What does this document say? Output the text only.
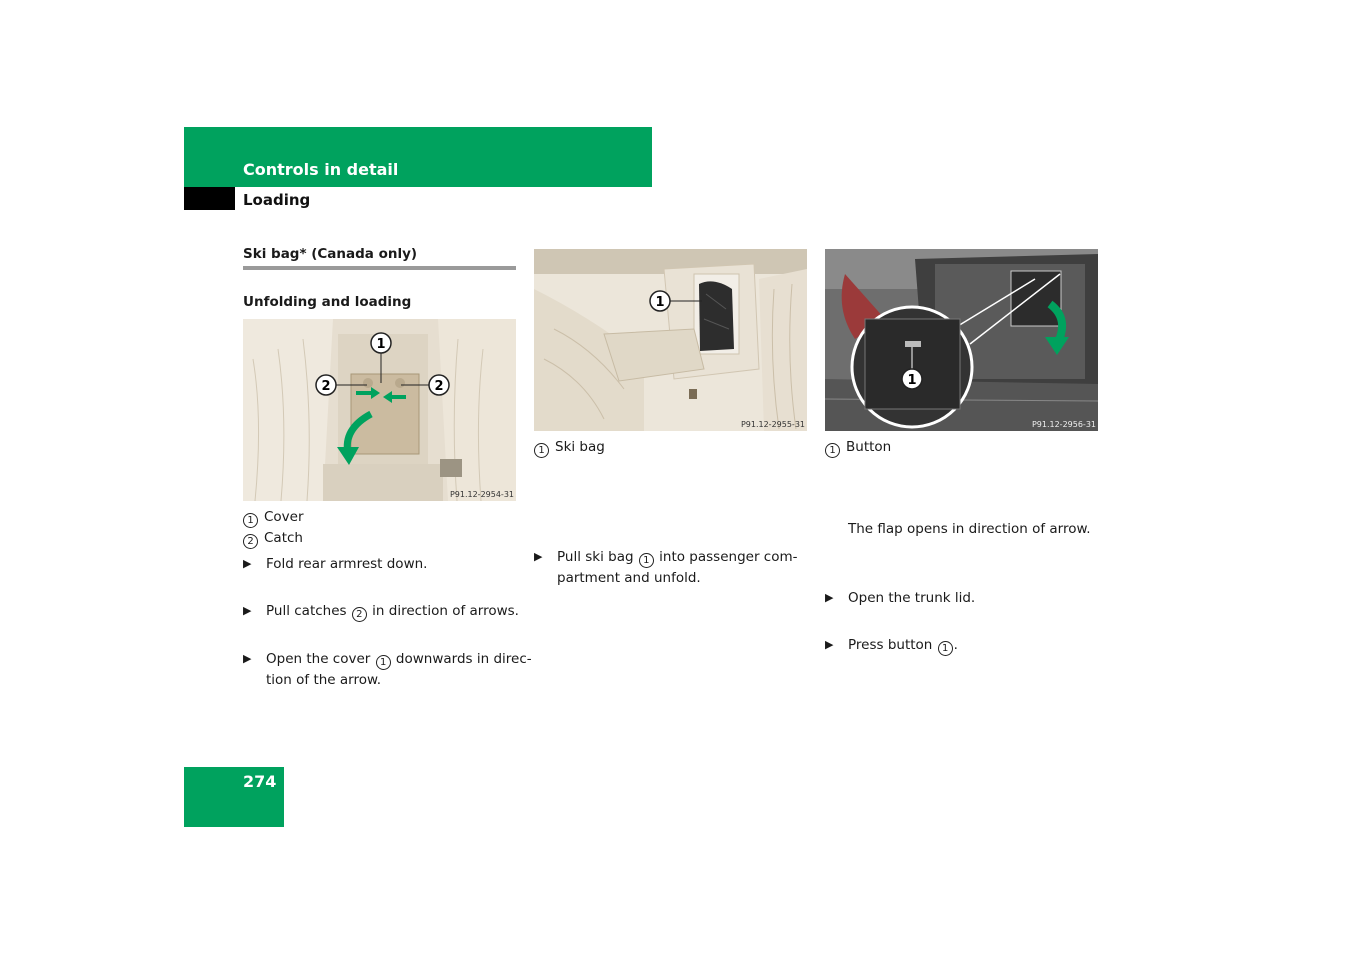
Controls in detail
Loading
Ski bag* (Canada only)
Unfolding and loading
1
2	2
P91.12-2954-31
1 Cover
2 Catch
▶ Fold rear armrest down.
▶ Pull catches 2 in direction of arrows.
▶ Open the cover 1 downwards in direc-
tion of the arrow.
1
P91.12-2955-31
1 Ski bag
▶ Pull ski bag 1 into passenger com-
partment and unfold.
1
P91.12-2956-31
1 Button
▶ Open the trunk lid.
▶ Press button 1 .
The flap opens in direction of arrow.
274
